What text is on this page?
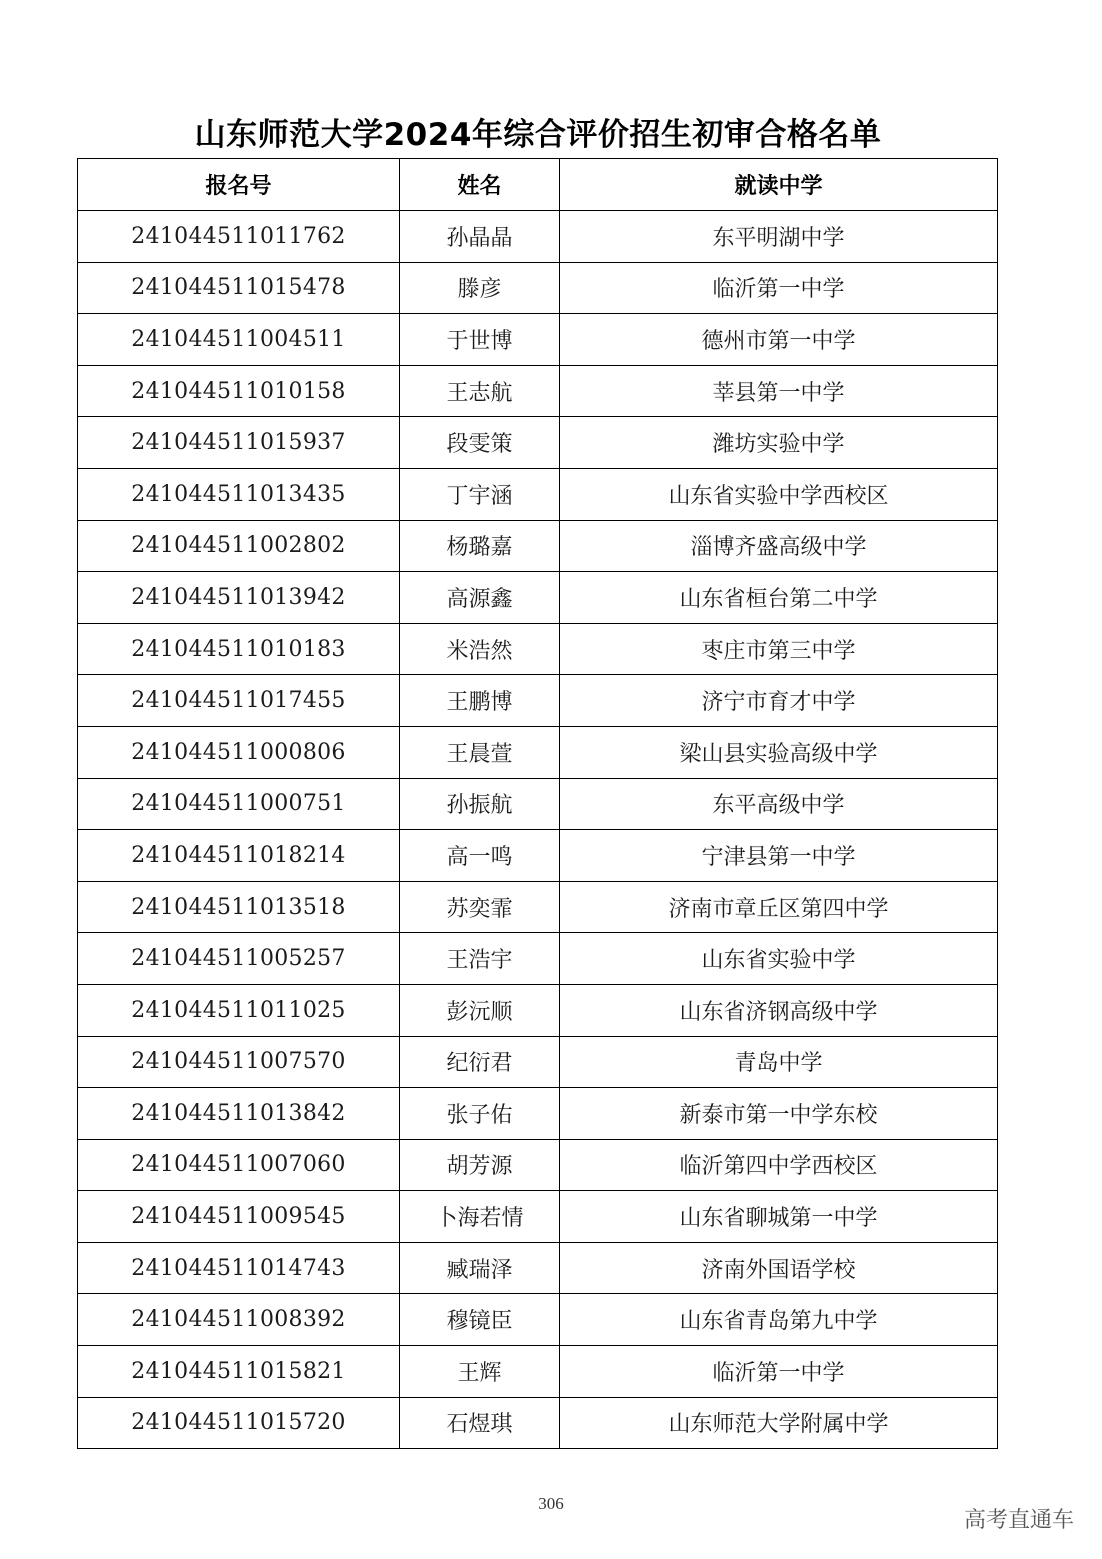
山东师范大学2024年综合评价招生初审合格名单
报名号	姓名	就读中学
241044511011762	孙晶晶	东平明湖中学
241044511015478	滕彦	临沂第一中学
241044511004511	于世博	德州市第一中学
241044511010158	王志航	莘县第一中学
241044511015937	段雯策	潍坊实验中学
241044511013435	丁宇涵	山东省实验中学西校区
241044511002802	杨璐嘉	淄博齐盛高级中学
241044511013942	高源鑫	山东省桓台第二中学
241044511010183	米浩然	枣庄市第三中学
241044511017455	王鹏博	济宁市育才中学
241044511000806	王晨萱	梁山县实验高级中学
241044511000751	孙振航	东平高级中学
241044511018214	高一鸣	宁津县第一中学
241044511013518	苏奕霏	济南市章丘区第四中学
241044511005257	王浩宇	山东省实验中学
241044511011025	彭沅顺	山东省济钢高级中学
241044511007570	纪衍君	青岛中学
241044511013842	张子佑	新泰市第一中学东校
241044511007060	胡芳源	临沂第四中学西校区
241044511009545	卜海若情	山东省聊城第一中学
241044511014743	臧瑞泽	济南外国语学校
241044511008392	穆镜臣	山东省青岛第九中学
241044511015821	王辉	临沂第一中学
241044511015720	石煜琪	山东师范大学附属中学
306
高考直通车
